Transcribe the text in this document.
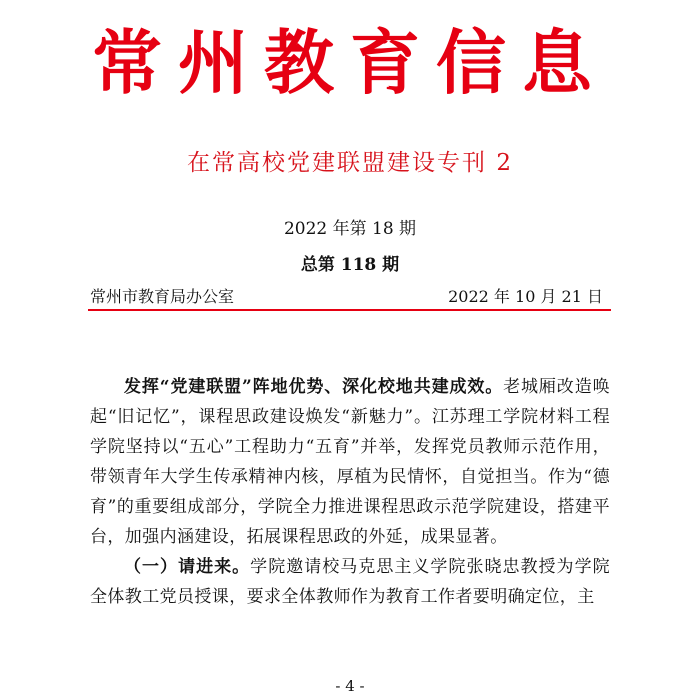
常州教育信息
在常高校党建联盟建设专刊 2
2022 年第 18 期
总第 118 期
常州市教育局办公室	2022 年 10 月 21 日
发挥“党建联盟”阵地优势、深化校地共建成效。老城厢改造唤起“旧记忆”，课程思政建设焕发“新魅力”。江苏理工学院材料工程学院坚持以“五心”工程助力“五育”并举，发挥党员教师示范作用，带领青年大学生传承精神内核，厚植为民情怀，自觉担当。作为“德育”的重要组成部分，学院全力推进课程思政示范学院建设，搭建平台，加强内涵建设，拓展课程思政的外延，成果显著。
（一）请进来。学院邀请校马克思主义学院张晓忠教授为学院全体教工党员授课，要求全体教师作为教育工作者要明确定位，主
- 4 -
